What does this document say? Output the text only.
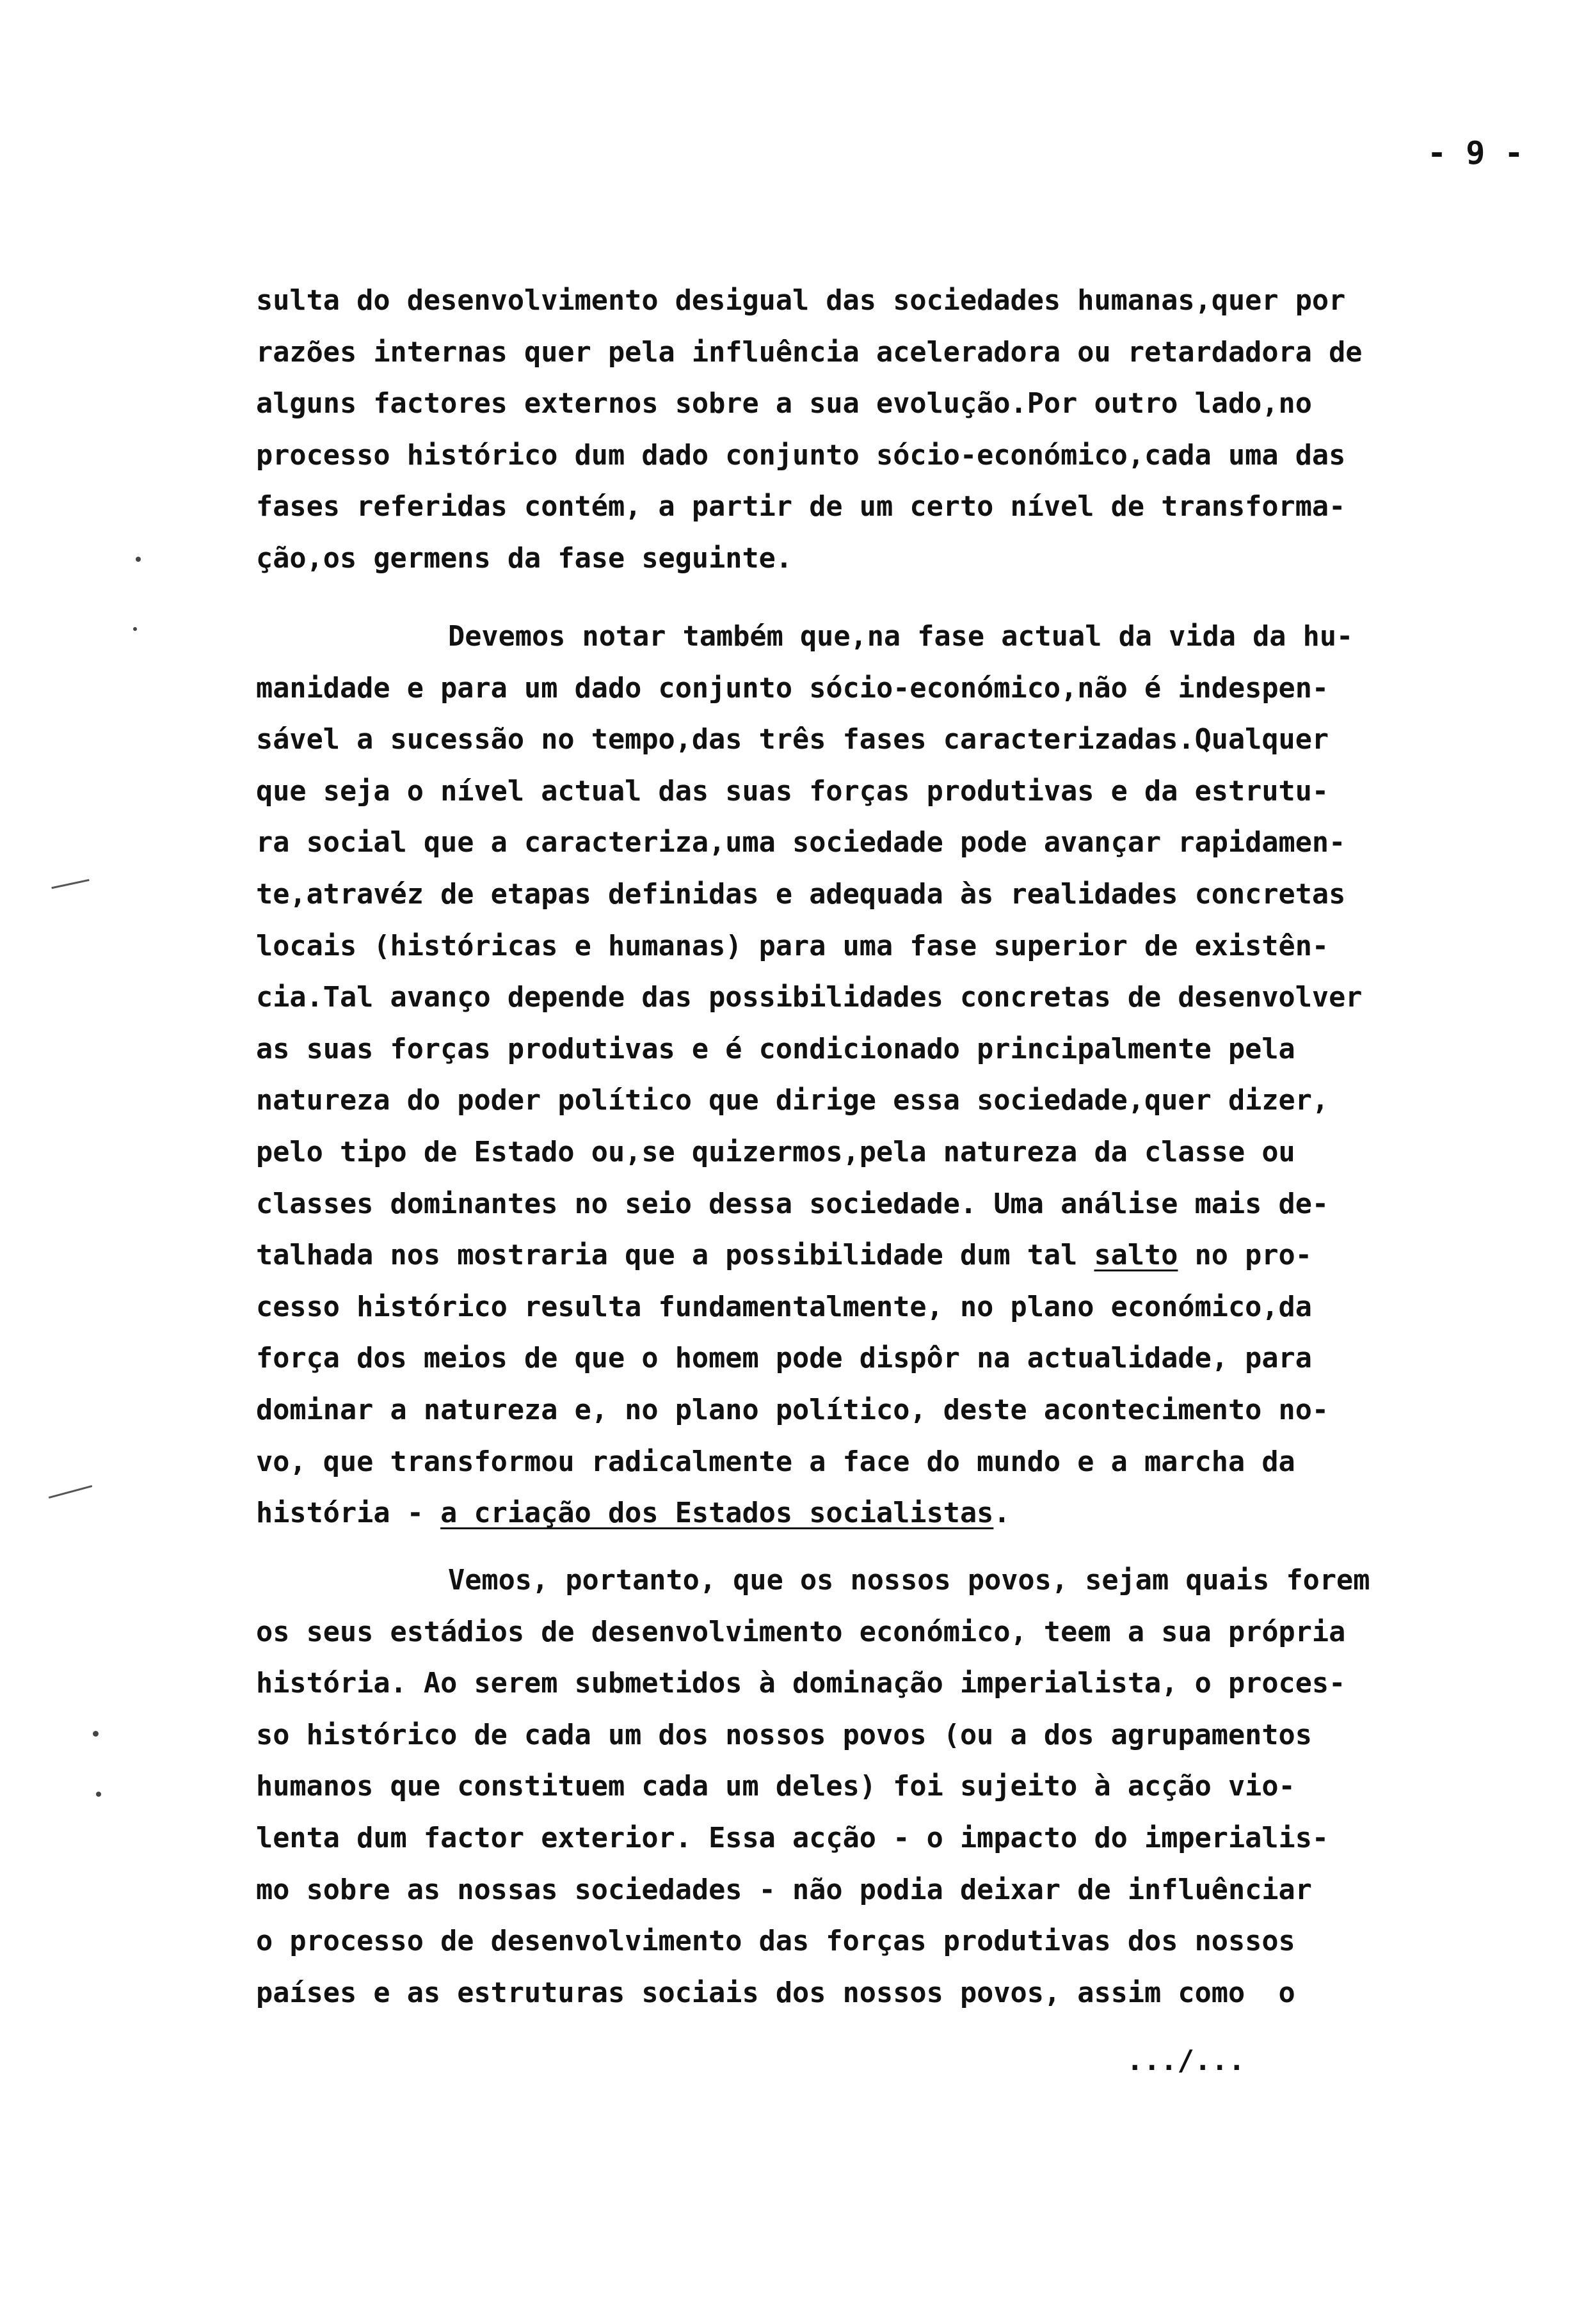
- 9 -
sulta do desenvolvimento desigual das sociedades humanas,quer por
razões internas quer pela influência aceleradora ou retardadora de
alguns factores externos sobre a sua evolução.Por outro lado,no
processo histórico dum dado conjunto sócio-económico,cada uma das
fases referidas contém, a partir de um certo nível de transforma-
ção,os germens da fase seguinte.
Devemos notar também que,na fase actual da vida da hu-
manidade e para um dado conjunto sócio-económico,não é indespen-
sável a sucessão no tempo,das três fases caracterizadas.Qualquer
que seja o nível actual das suas forças produtivas e da estrutu-
ra social que a caracteriza,uma sociedade pode avançar rapidamen-
te,atravéz de etapas definidas e adequada às realidades concretas
locais (históricas e humanas) para uma fase superior de existên-
cia.Tal avanço depende das possibilidades concretas de desenvolver
as suas forças produtivas e é condicionado principalmente pela
natureza do poder político que dirige essa sociedade,quer dizer,
pelo tipo de Estado ou,se quizermos,pela natureza da classe ou
classes dominantes no seio dessa sociedade. Uma análise mais de-
talhada nos mostraria que a possibilidade dum tal salto no pro-
cesso histórico resulta fundamentalmente, no plano económico,da
força dos meios de que o homem pode dispôr na actualidade, para
dominar a natureza e, no plano político, deste acontecimento no-
vo, que transformou radicalmente a face do mundo e a marcha da
história - a criação dos Estados socialistas.
Vemos, portanto, que os nossos povos, sejam quais forem
os seus estádios de desenvolvimento económico, teem a sua própria
história. Ao serem submetidos à dominação imperialista, o proces-
so histórico de cada um dos nossos povos (ou a dos agrupamentos
humanos que constituem cada um deles) foi sujeito à acção vio-
lenta dum factor exterior. Essa acção - o impacto do imperialis-
mo sobre as nossas sociedades - não podia deixar de influênciar
o processo de desenvolvimento das forças produtivas dos nossos
países e as estruturas sociais dos nossos povos, assim como  o
.../...
